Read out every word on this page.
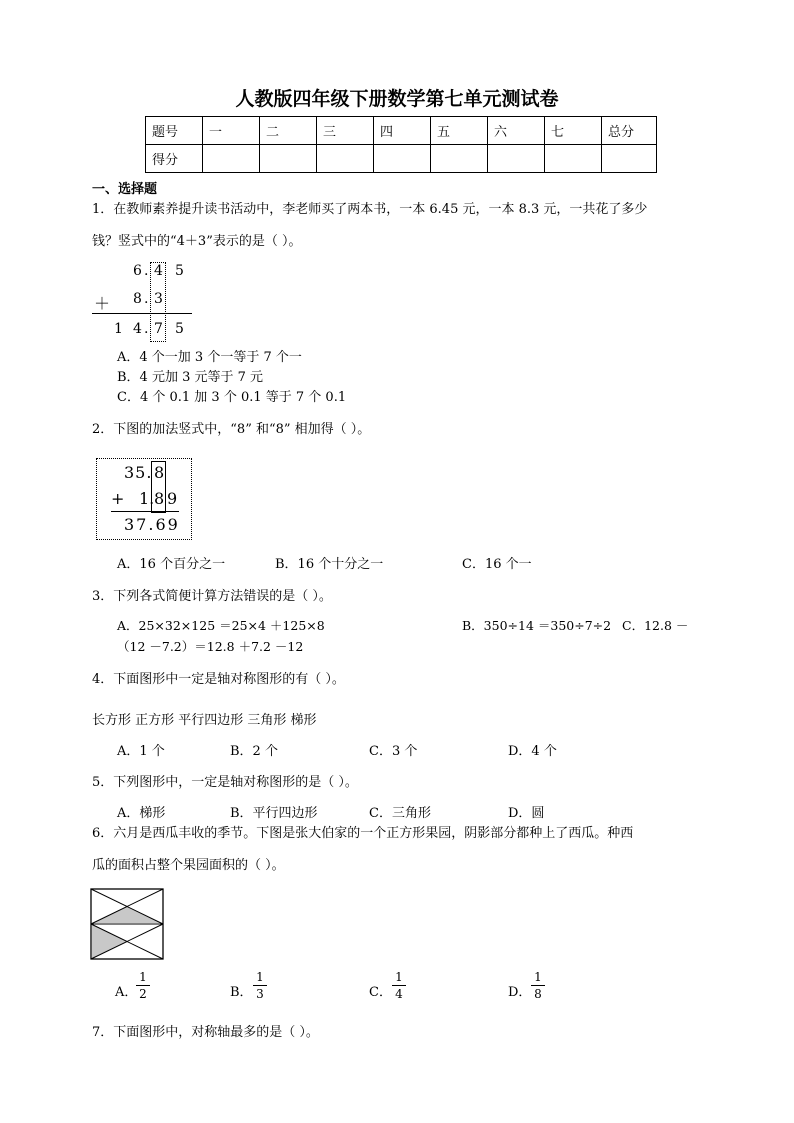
人教版四年级下册数学第七单元测试卷
题号	一	二	三	四	五	六	七	总分
得分								
一、选择题
1．在教师素养提升读书活动中，李老师买了两本书，一本 6.45 元，一本 8.3 元，一共花了多少
钱？竖式中的“4＋3”表示的是（ ）。
6 . 4 5
＋ 8 . 3
1 4 . 7 5
A．4 个一加 3 个一等于 7 个一
B．4 元加 3 元等于 7 元
C．4 个 0.1 加 3 个 0.1 等于 7 个 0.1
2．下图的加法竖式中，“8” 和“8” 相加得（ ）。
35. 8
+ 1. 8 9
37.69
A．16 个百分之一	B．16 个十分之一	C．16 个一
3．下列各式简便计算方法错误的是（ ）。
A．25×32×125 ＝25×4 ＋125×8	B．350÷14 ＝350÷7÷2 C．12.8 －
（12 －7.2）＝12.8 ＋7.2 －12
4．下面图形中一定是轴对称图形的有（ ）。
长方形 正方形 平行四边形 三角形 梯形
A．1 个	B．2 个	C．3 个	D．4 个
5．下列图形中，一定是轴对称图形的是（ ）。
A．梯形	B．平行四边形	C．三角形	D．圆
6．六月是西瓜丰收的季节。下图是张大伯家的一个正方形果园，阴影部分都种上了西瓜。种西
瓜的面积占整个果园面积的（ ）。
A．
1
2	B．
1
3	C．
1
4	D．
1
8
7．下面图形中，对称轴最多的是（ ）。
